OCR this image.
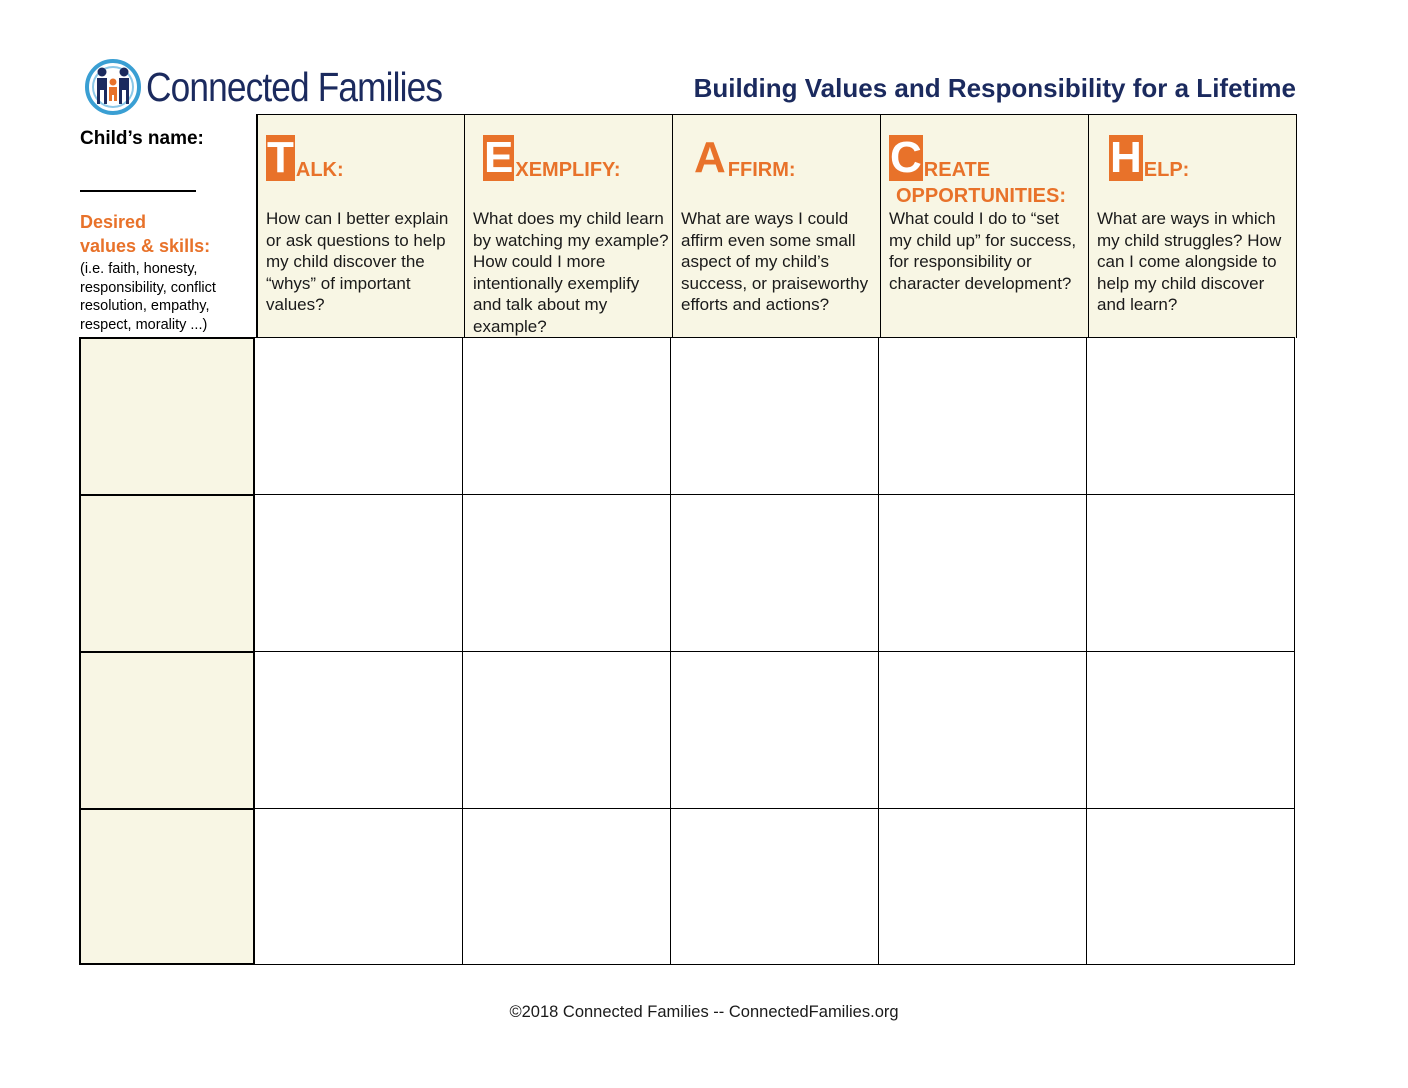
Connected Families	Building Values and Responsibility for a Lifetime
Child’s name:
Desired
values & skills:
(i.e. faith, honesty,
responsibility, conflict
resolution, empathy,
respect, morality ...)
T ALK:
How can I better explain or ask questions to help my child discover the “whys” of important values?
E XEMPLIFY:
What does my child learn by watching my example? How could I more intentionally exemplify and talk about my example?
A FFIRM:
What are ways I could affirm even some small aspect of my child’s success, or praiseworthy efforts and actions?
C REATE
OPPORTUNITIES:
What could I do to “set my child up” for success, for responsibility or character development?
H ELP:
What are ways in which my child struggles? How can I come alongside to help my child discover and learn?
©2018 Connected Families -- ConnectedFamilies.org
